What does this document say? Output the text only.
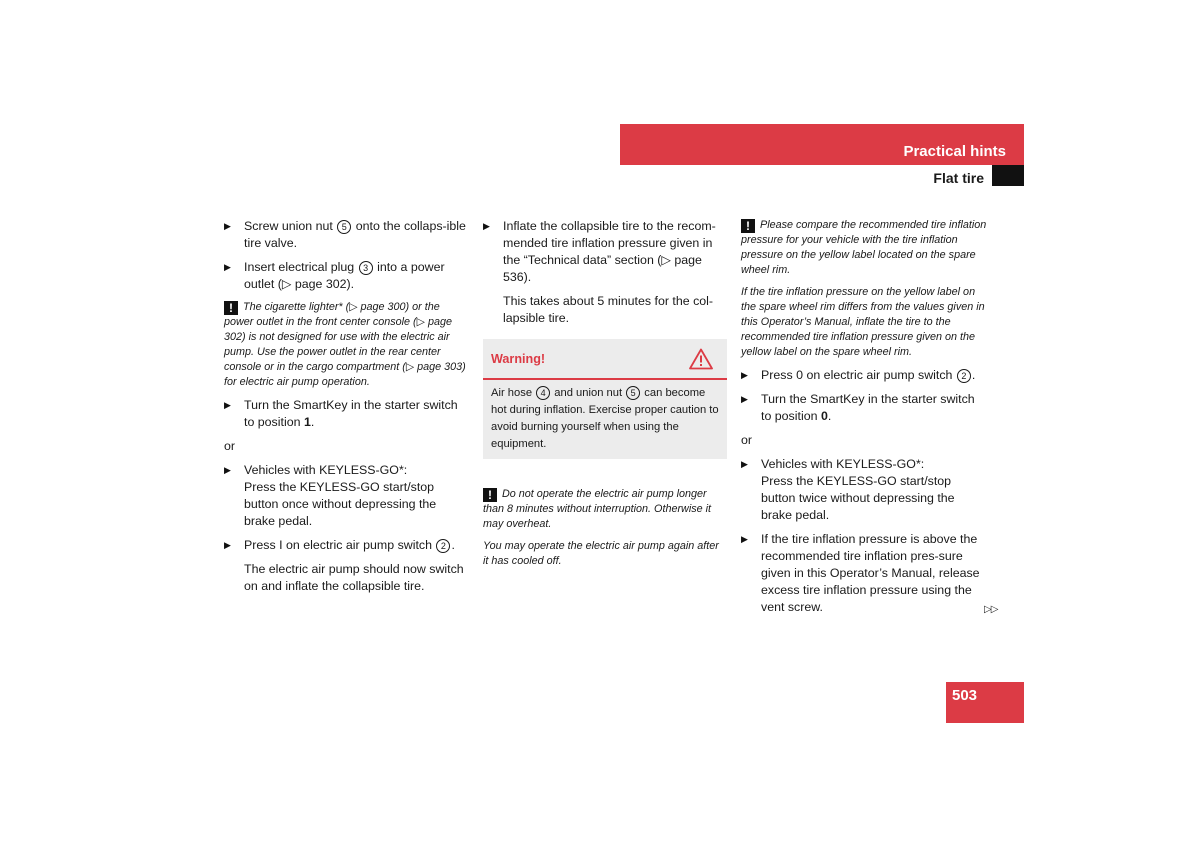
Practical hints
Flat tire
▶ Screw union nut 5 onto the collaps-ible tire valve.
▶ Insert electrical plug 3 into a power outlet (▷ page 302).
! The cigarette lighter* (▷ page 300) or the power outlet in the front center console (▷ page 302) is not designed for use with the electric air pump. Use the power outlet in the rear center console or in the cargo compartment (▷ page 303) for electric air pump operation.
▶ Turn the SmartKey in the starter switch to position 1.
or
▶ Vehicles with KEYLESS-GO*:
Press the KEYLESS-GO start/stop button once without depressing the brake pedal.
▶ Press I on electric air pump switch 2 .
The electric air pump should now switch on and inflate the collapsible tire.
▶ Inflate the collapsible tire to the recom-mended tire inflation pressure given in the “Technical data” section (▷ page 536).
This takes about 5 minutes for the col-lapsible tire.
Warning!
Air hose 4 and union nut 5 can become hot during inflation. Exercise proper caution to avoid burning yourself when using the equipment.
! Do not operate the electric air pump longer than 8 minutes without interruption. Otherwise it may overheat.
You may operate the electric air pump again after it has cooled off.
! Please compare the recommended tire inflation pressure for your vehicle with the tire inflation pressure on the yellow label located on the spare wheel rim.
If the tire inflation pressure on the yellow label on the spare wheel rim differs from the values given in this Operator’s Manual, inflate the tire to the recommended tire inflation pressure given on the yellow label on the spare wheel rim.
▶ Press 0 on electric air pump switch 2 .
▶ Turn the SmartKey in the starter switch to position 0.
or
▶ Vehicles with KEYLESS-GO*:
Press the KEYLESS-GO start/stop button twice without depressing the brake pedal.
▶ If the tire inflation pressure is above the recommended tire inflation pres-sure given in this Operator’s Manual, release excess tire inflation pressure using the vent screw.	▷▷
503
